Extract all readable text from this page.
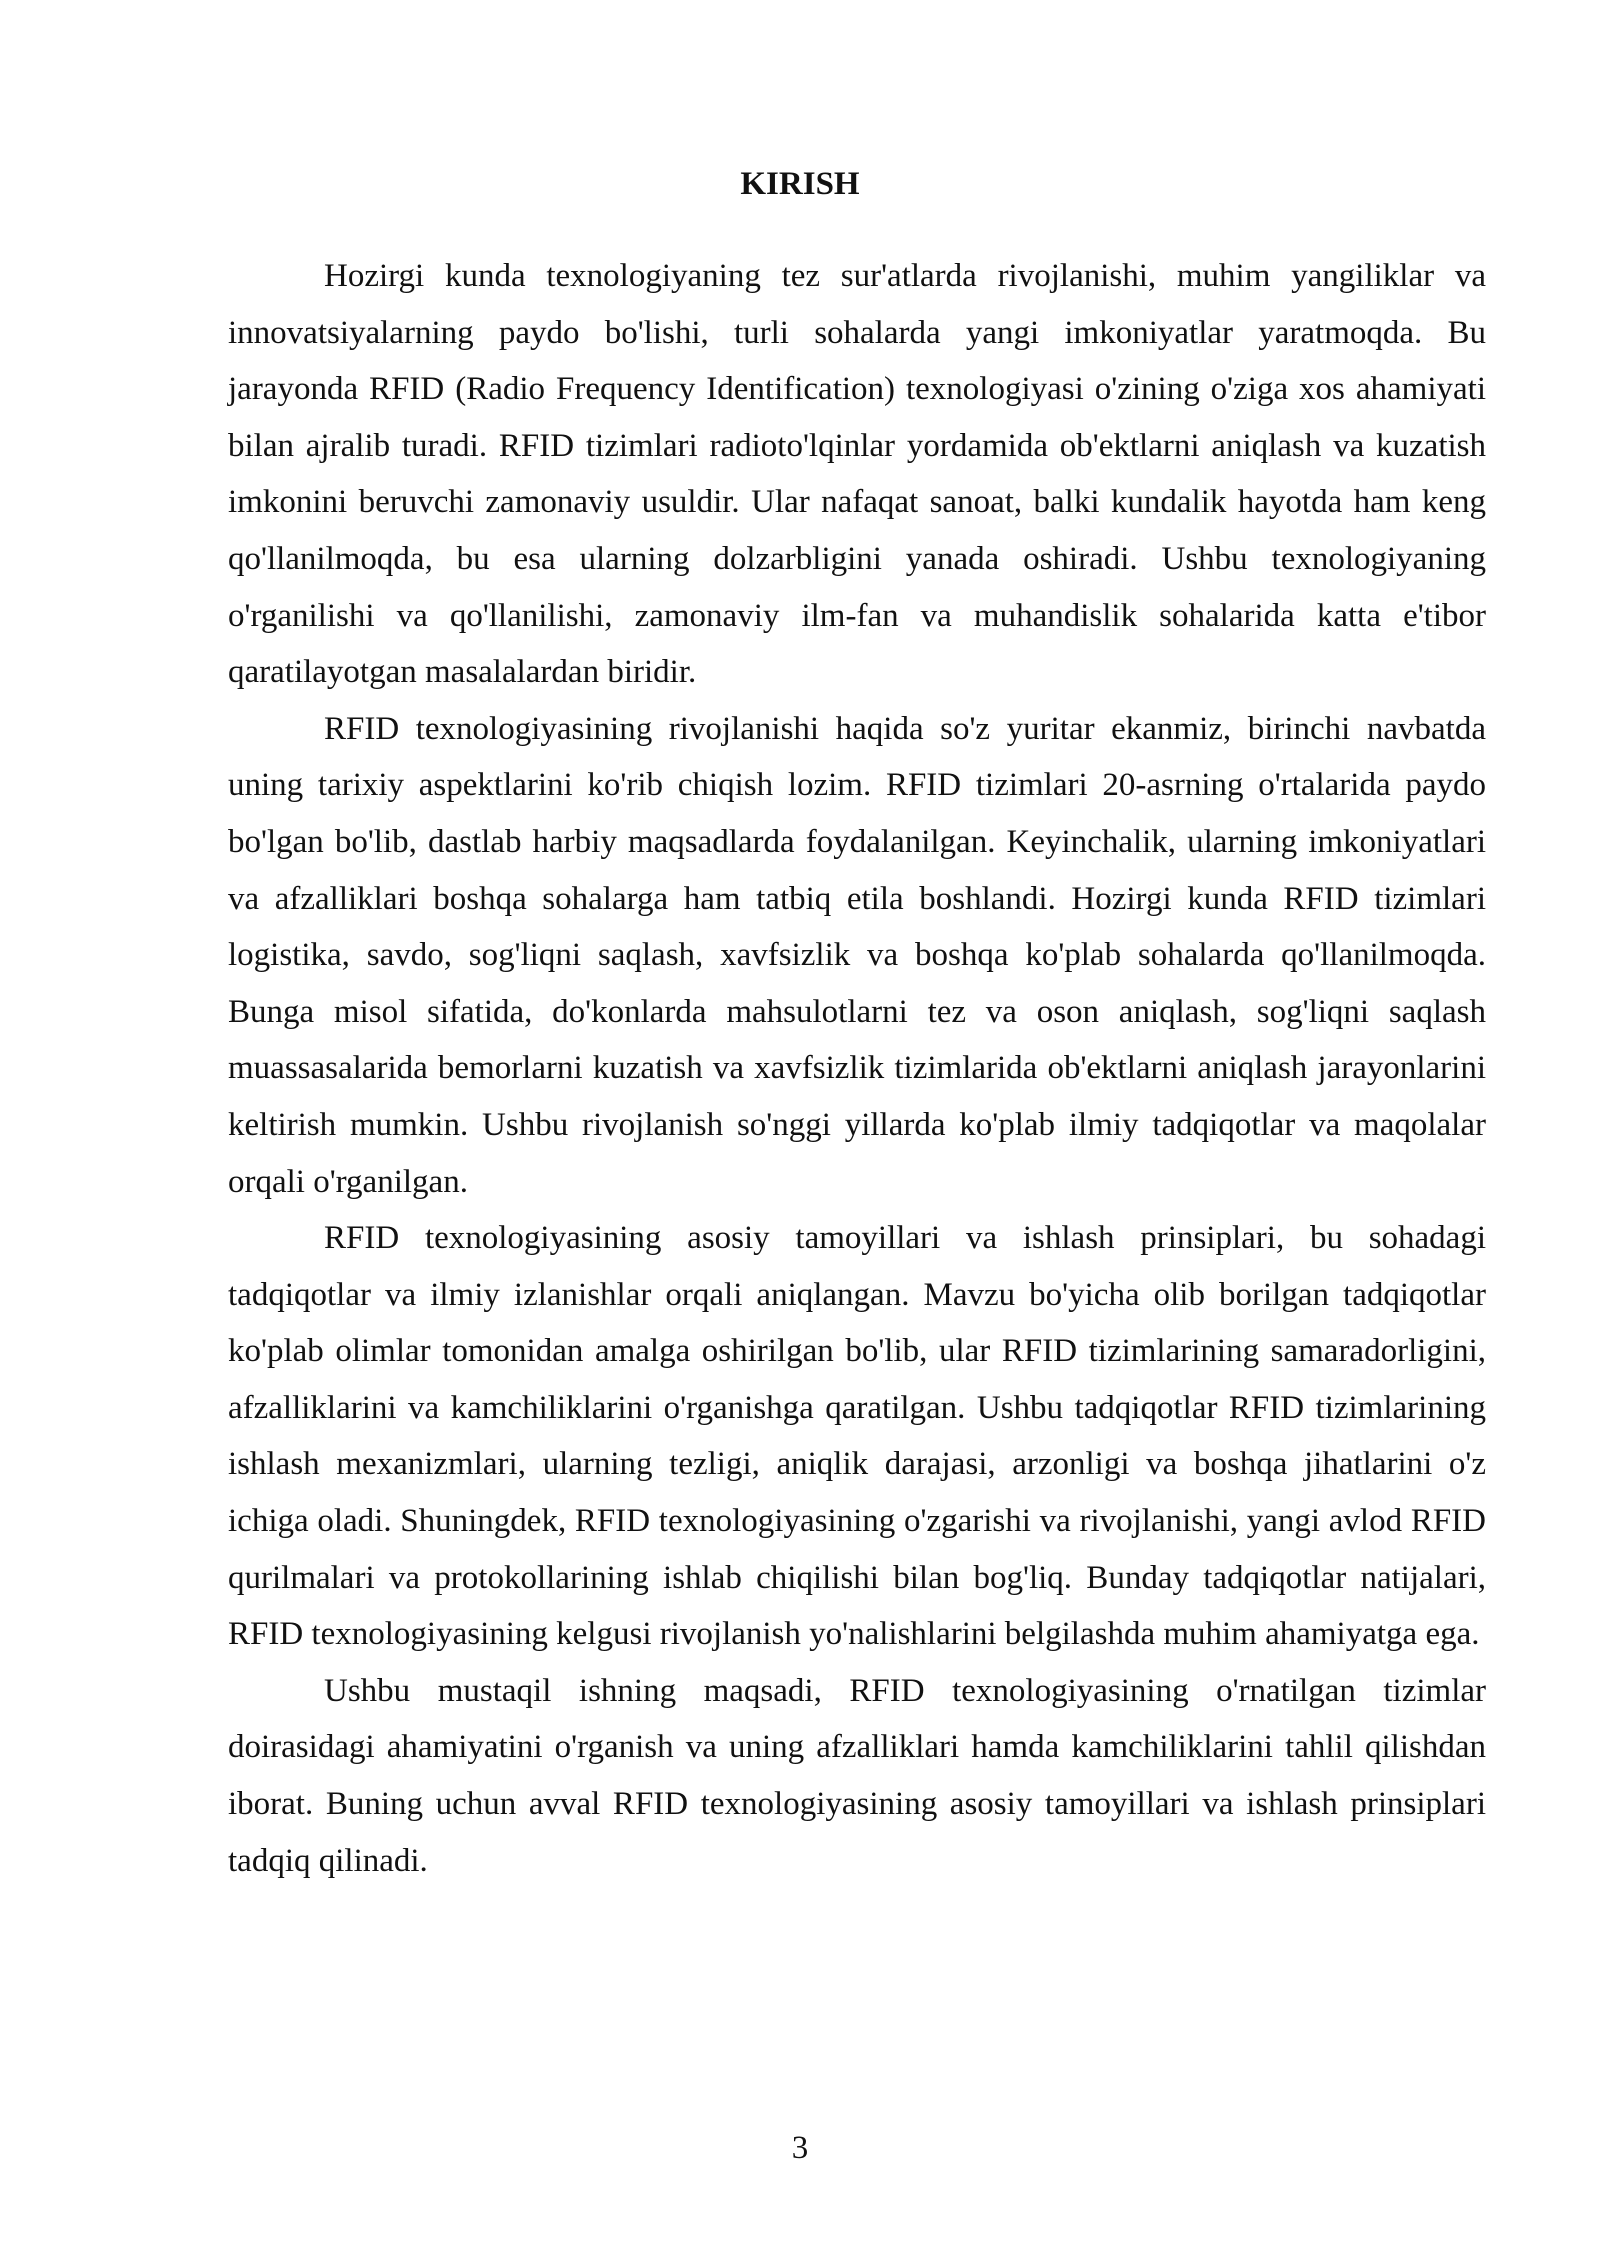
KIRISH

Hozirgi kunda texnologiyaning tez sur'atlarda rivojlanishi, muhim yangiliklar va innovatsiyalarning paydo bo'lishi, turli sohalarda yangi imkoniyatlar yaratmoqda. Bu jarayonda RFID (Radio Frequency Identification) texnologiyasi o'zining o'ziga xos ahamiyati bilan ajralib turadi. RFID tizimlari radioto'lqinlar yordamida ob'ektlarni aniqlash va kuzatish imkonini beruvchi zamonaviy usuldir. Ular nafaqat sanoat, balki kundalik hayotda ham keng qo'llanilmoqda, bu esa ularning dolzarbligini yanada oshiradi. Ushbu texnologiyaning o'rganilishi va qo'llanilishi, zamonaviy ilm-fan va muhandislik sohalarida katta e'tibor qaratilayotgan masalalardan biridir.

RFID texnologiyasining rivojlanishi haqida so'z yuritar ekanmiz, birinchi navbatda uning tarixiy aspektlarini ko'rib chiqish lozim. RFID tizimlari 20-asrning o'rtalarida paydo bo'lgan bo'lib, dastlab harbiy maqsadlarda foydalanilgan. Keyinchalik, ularning imkoniyatlari va afzalliklari boshqa sohalarga ham tatbiq etila boshlandi. Hozirgi kunda RFID tizimlari logistika, savdo, sog'liqni saqlash, xavfsizlik va boshqa ko'plab sohalarda qo'llanilmoqda. Bunga misol sifatida, do'konlarda mahsulotlarni tez va oson aniqlash, sog'liqni saqlash muassasalarida bemorlarni kuzatish va xavfsizlik tizimlarida ob'ektlarni aniqlash jarayonlarini keltirish mumkin. Ushbu rivojlanish so'nggi yillarda ko'plab ilmiy tadqiqotlar va maqolalar orqali o'rganilgan.

RFID texnologiyasining asosiy tamoyillari va ishlash prinsiplari, bu sohadagi tadqiqotlar va ilmiy izlanishlar orqali aniqlangan. Mavzu bo'yicha olib borilgan tadqiqotlar ko'plab olimlar tomonidan amalga oshirilgan bo'lib, ular RFID tizimlarining samaradorligini, afzalliklarini va kamchiliklarini o'rganishga qaratilgan. Ushbu tadqiqotlar RFID tizimlarining ishlash mexanizmlari, ularning tezligi, aniqlik darajasi, arzonligi va boshqa jihatlarini o'z ichiga oladi. Shuningdek, RFID texnologiyasining o'zgarishi va rivojlanishi, yangi avlod RFID qurilmalari va protokollarining ishlab chiqilishi bilan bog'liq. Bunday tadqiqotlar natijalari, RFID texnologiyasining kelgusi rivojlanish yo'nalishlarini belgilashda muhim ahamiyatga ega.

Ushbu mustaqil ishning maqsadi, RFID texnologiyasining o'rnatilgan tizimlar doirasidagi ahamiyatini o'rganish va uning afzalliklari hamda kamchiliklarini tahlil qilishdan iborat. Buning uchun avval RFID texnologiyasining asosiy tamoyillari va ishlash prinsiplari tadqiq qilinadi.

3
